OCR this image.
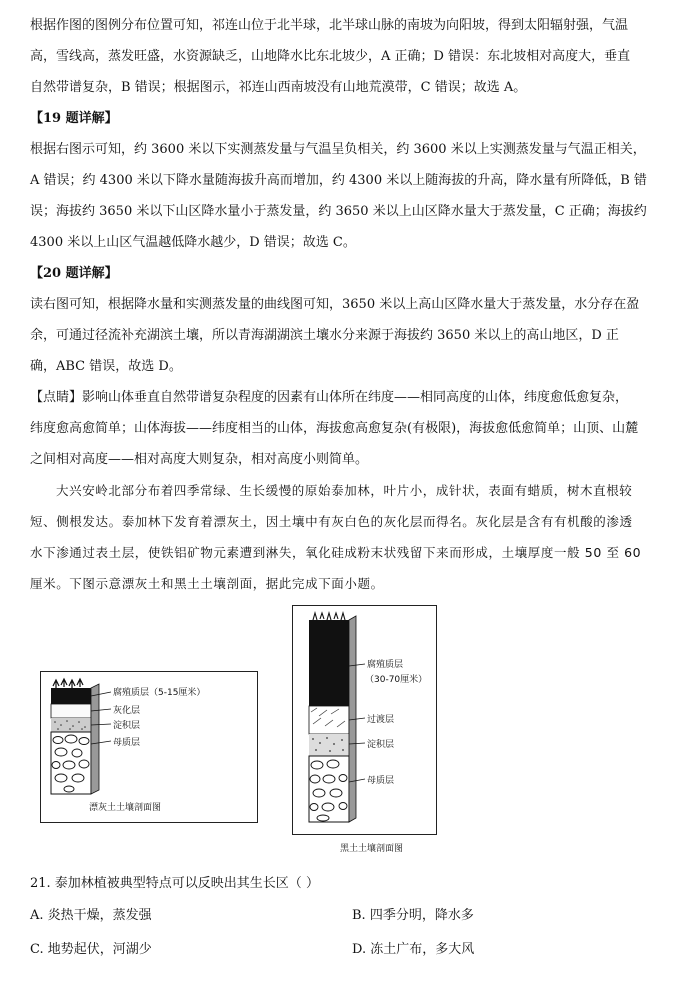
根据作图的图例分布位置可知，祁连山位于北半球，北半球山脉的南坡为向阳坡，得到太阳辐射强，气温
高，雪线高，蒸发旺盛，水资源缺乏，山地降水比东北坡少，A 正确；D 错误：东北坡相对高度大，垂直
自然带谱复杂，B 错误；根据图示，祁连山西南坡没有山地荒漠带，C 错误；故选 A。
【19 题详解】
根据右图示可知，约 3600 米以下实测蒸发量与气温呈负相关，约 3600 米以上实测蒸发量与气温正相关，
A 错误；约 4300 米以下降水量随海拔升高而增加，约 4300 米以上随海拔的升高，降水量有所降低，B 错
误；海拔约 3650 米以下山区降水量小于蒸发量，约 3650 米以上山区降水量大于蒸发量，C 正确；海拔约
4300 米以上山区气温越低降水越少，D 错误；故选 C。
【20 题详解】
读右图可知，根据降水量和实测蒸发量的曲线图可知，3650 米以上高山区降水量大于蒸发量，水分存在盈
余，可通过径流补充湖滨土壤，所以青海湖湖滨土壤水分来源于海拔约 3650 米以上的高山地区，D 正
确，ABC 错误，故选 D。
【点睛】影响山体垂直自然带谱复杂程度的因素有山体所在纬度——相同高度的山体，纬度愈低愈复杂，
纬度愈高愈简单；山体海拔——纬度相当的山体，海拔愈高愈复杂(有极限)，海拔愈低愈简单；山顶、山麓
之间相对高度——相对高度大则复杂，相对高度小则简单。
大兴安岭北部分布着四季常绿、生长缓慢的原始泰加林，叶片小，成针状，表面有蜡质，树木直根较
短、侧根发达。泰加林下发育着漂灰土，因土壤中有灰白色的灰化层而得名。灰化层是含有有机酸的渗透
水下渗通过表土层，使铁铝矿物元素遭到淋失，氧化硅成粉末状残留下来而形成，土壤厚度一般 50 至 60
厘米。下图示意漂灰土和黑土土壤剖面，据此完成下面小题。
腐殖质层（5-15厘米）
灰化层
淀积层
母质层
漂灰土土壤剖面图
腐殖质层
（30-70厘米）
过渡层
淀积层
母质层
黑土土壤剖面图
21. 泰加林植被典型特点可以反映出其生长区（ ）
A. 炎热干燥，蒸发强	B. 四季分明，降水多
C. 地势起伏，河湖少	D. 冻土广布，多大风
